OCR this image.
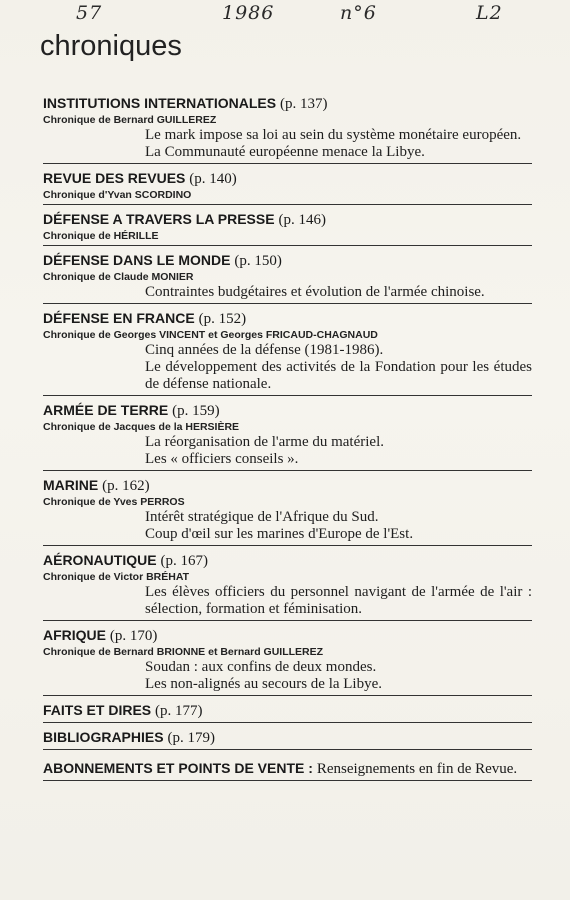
57	1986	n°6	L2
chroniques
INSTITUTIONS INTERNATIONALES (p. 137)
Chronique de Bernard GUILLEREZ

Le mark impose sa loi au sein du système monétaire européen.

La Communauté européenne menace la Libye.

REVUE DES REVUES (p. 140)
Chronique d'Yvan SCORDINO
DÉFENSE A TRAVERS LA PRESSE (p. 146)
Chronique de HÉRILLE
DÉFENSE DANS LE MONDE (p. 150)
Chronique de Claude MONIER

Contraintes budgétaires et évolution de l'armée chinoise.

DÉFENSE EN FRANCE (p. 152)
Chronique de Georges VINCENT et Georges FRICAUD-CHAGNAUD

Cinq années de la défense (1981-1986).

Le développement des activités de la Fondation pour les études de défense nationale.

ARMÉE DE TERRE (p. 159)
Chronique de Jacques de la HERSIÈRE

La réorganisation de l'arme du matériel.

Les « officiers conseils ».

MARINE (p. 162)
Chronique de Yves PERROS

Intérêt stratégique de l'Afrique du Sud.

Coup d'œil sur les marines d'Europe de l'Est.

AÉRONAUTIQUE (p. 167)
Chronique de Victor BRÉHAT

Les élèves officiers du personnel navigant de l'armée de l'air : sélection, formation et féminisation.

AFRIQUE (p. 170)
Chronique de Bernard BRIONNE et Bernard GUILLEREZ

Soudan : aux confins de deux mondes.

Les non-alignés au secours de la Libye.

FAITS ET DIRES (p. 177)
BIBLIOGRAPHIES (p. 179)
ABONNEMENTS ET POINTS DE VENTE : Renseignements en fin de Revue.
